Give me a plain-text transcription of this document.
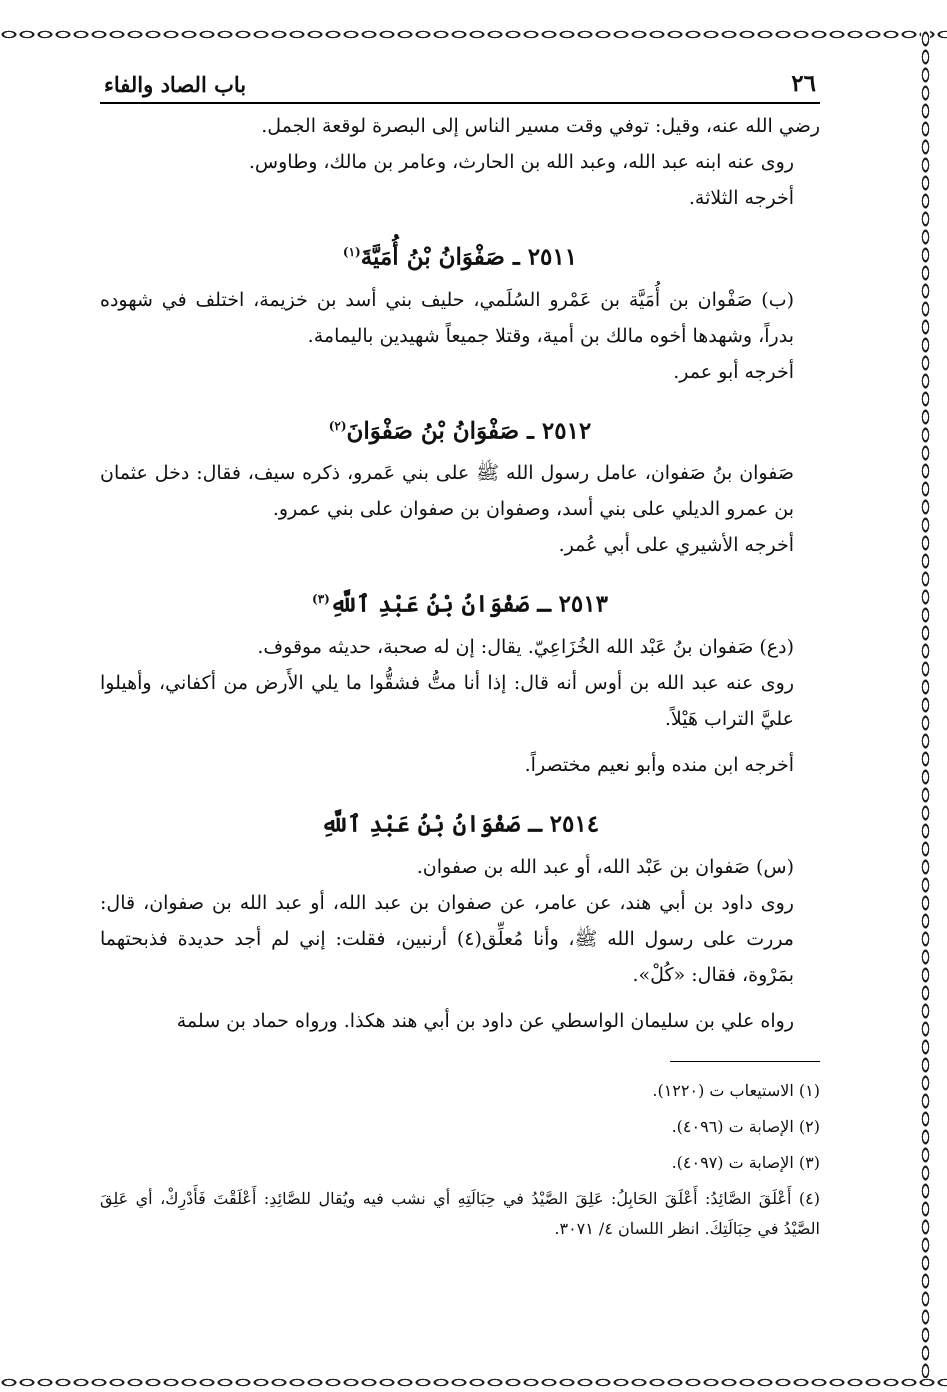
٢٦
باب الصاد والفاء

رضي الله عنه، وقيل: توفي وقت مسير الناس إلى البصرة لوقعة الجمل.

روى عنه ابنه عبد الله، وعبد الله بن الحارث، وعامر بن مالك، وطاوس.

أخرجه الثلاثة.

٢٥١١ ـ صَفْوَانُ بْنُ أُمَيَّةَ$^{(١)}$

(ب) صَفْوان بن أُمَيَّة بن عَمْرو السُلَمي، حليف بني أسد بن خزيمة، اختلف في شهوده بدراً، وشهدها أخوه مالك بن أمية، وقتلا جميعاً شهيدين باليمامة.

أخرجه أبو عمر.

٢٥١٢ ـ صَفْوَانُ بْنُ صَفْوَانَ$^{(٢)}$

صَفوان بنُ صَفوان، عامل رسول الله ﷺ على بني عَمرو، ذكره سيف، فقال: دخل عثمان بن عمرو الديلي على بني أسد، وصفوان بن صفوان على بني عمرو.

أخرجه الأشيري على أبي عُمر.

٢٥١٣ ـ صَفْوَانُ بْنُ عَبْدِ ٱللَّهِ$^{(٣)}$

(دع) صَفوان بنُ عَبْد الله الخُزَاعِيّ. يقال: إن له صحبة، حديثه موقوف.

روى عنه عبد الله بن أوس أنه قال: إذا أنا متُّ فشقُّوا ما يلي الأَرض من أكفاني، وأهيلوا عليَّ التراب هَيْلاً.

أخرجه ابن منده وأبو نعيم مختصراً.

٢٥١٤ ـ صَفْوَانُ بْنُ عَبْدِ ٱللَّهِ

(س) صَفوان بن عَبْد الله، أو عبد الله بن صفوان.

روى داود بن أبي هند، عن عامر، عن صفوان بن عبد الله، أو عبد الله بن صفوان، قال: مررت على رسول الله ﷺ، وأنا مُعلِّق(٤) أرنبين، فقلت: إني لم أجد حديدة فذبحتهما بمَرْوة، فقال: «كُلْ».

رواه علي بن سليمان الواسطي عن داود بن أبي هند هكذا. ورواه حماد بن سلمة

(١) الاستيعاب ت (١٢٢٠).

(٢) الإصابة ت (٤٠٩٦).

(٣) الإصابة ت (٤٠٩٧).

(٤) أَعْلَقَ الصَّائِدُ: أَعْلَقَ الحَابِلُ: عَلِقَ الصَّيْدُ في حِبَالَتِهِ أي نشب فيه ويُقال للصَّائِدِ: أَعْلَقْتَ فَأَدْرِكْ، أي عَلِقَ الصَّيْدُ في حِبَالَتِكَ. انظر اللسان ٤/ ٣٠٧١.
